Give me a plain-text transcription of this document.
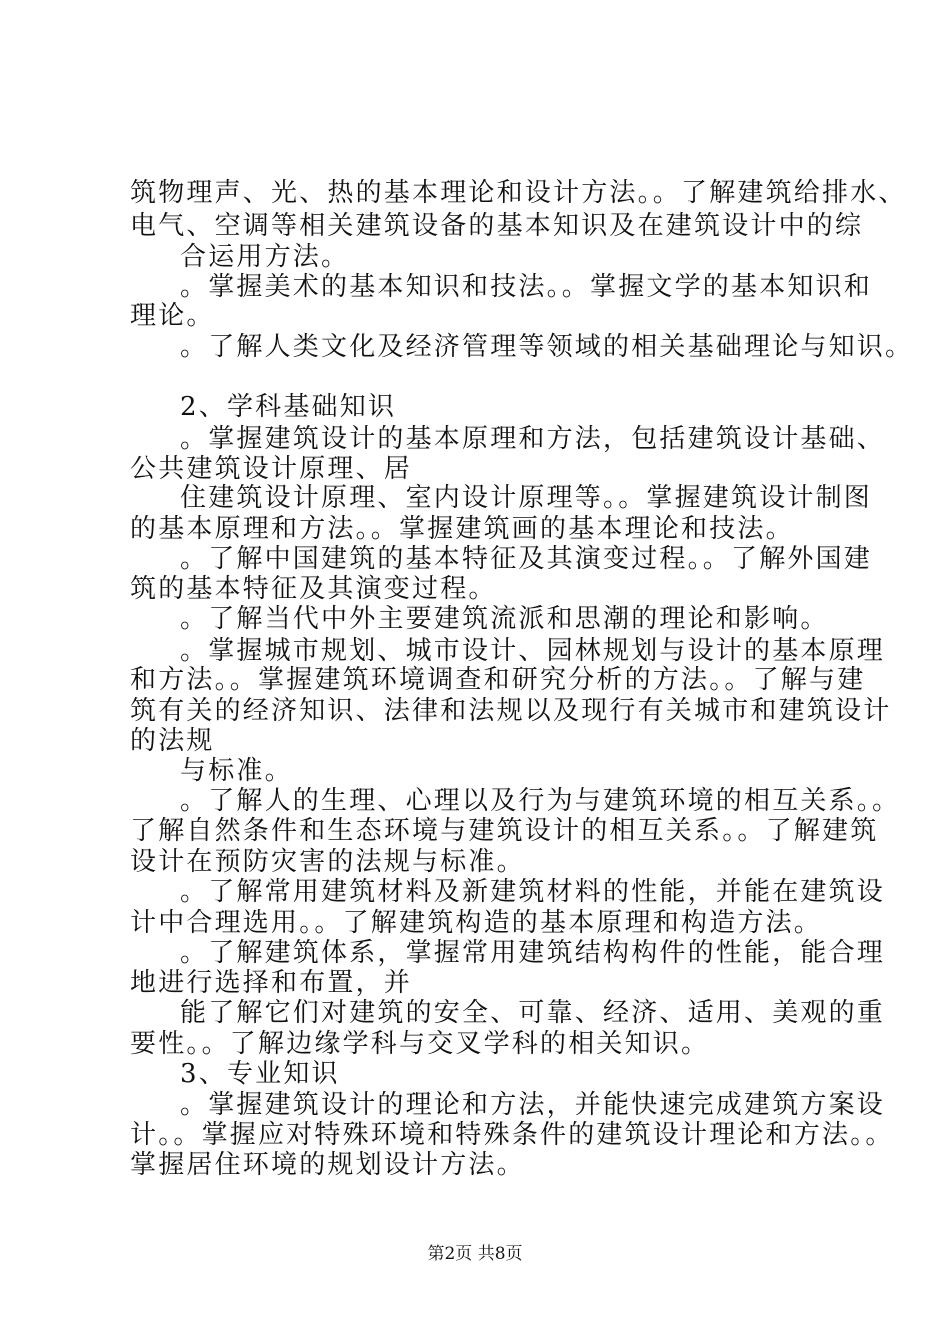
筑物理声、光、热的基本理论和设计方法。。了解建筑给排水、
电气、空调等相关建筑设备的基本知识及在建筑设计中的综
合运用方法。
。掌握美术的基本知识和技法。。掌握文学的基本知识和
理论。
。了解人类文化及经济管理等领域的相关基础理论与知识。
2、学科基础知识
。掌握建筑设计的基本原理和方法，包括建筑设计基础、
公共建筑设计原理、居
住建筑设计原理、室内设计原理等。。掌握建筑设计制图
的基本原理和方法。。掌握建筑画的基本理论和技法。
。了解中国建筑的基本特征及其演变过程。。了解外国建
筑的基本特征及其演变过程。
。了解当代中外主要建筑流派和思潮的理论和影响。
。掌握城市规划、城市设计、园林规划与设计的基本原理
和方法。。掌握建筑环境调查和研究分析的方法。。了解与建
筑有关的经济知识、法律和法规以及现行有关城市和建筑设计
的法规
与标准。
。了解人的生理、心理以及行为与建筑环境的相互关系。。
了解自然条件和生态环境与建筑设计的相互关系。。了解建筑
设计在预防灾害的法规与标准。
。了解常用建筑材料及新建筑材料的性能，并能在建筑设
计中合理选用。。了解建筑构造的基本原理和构造方法。
。了解建筑体系，掌握常用建筑结构构件的性能，能合理
地进行选择和布置，并
能了解它们对建筑的安全、可靠、经济、适用、美观的重
要性。。了解边缘学科与交叉学科的相关知识。
3、专业知识
。掌握建筑设计的理论和方法，并能快速完成建筑方案设
计。。掌握应对特殊环境和特殊条件的建筑设计理论和方法。。
掌握居住环境的规划设计方法。
第2页 共8页
